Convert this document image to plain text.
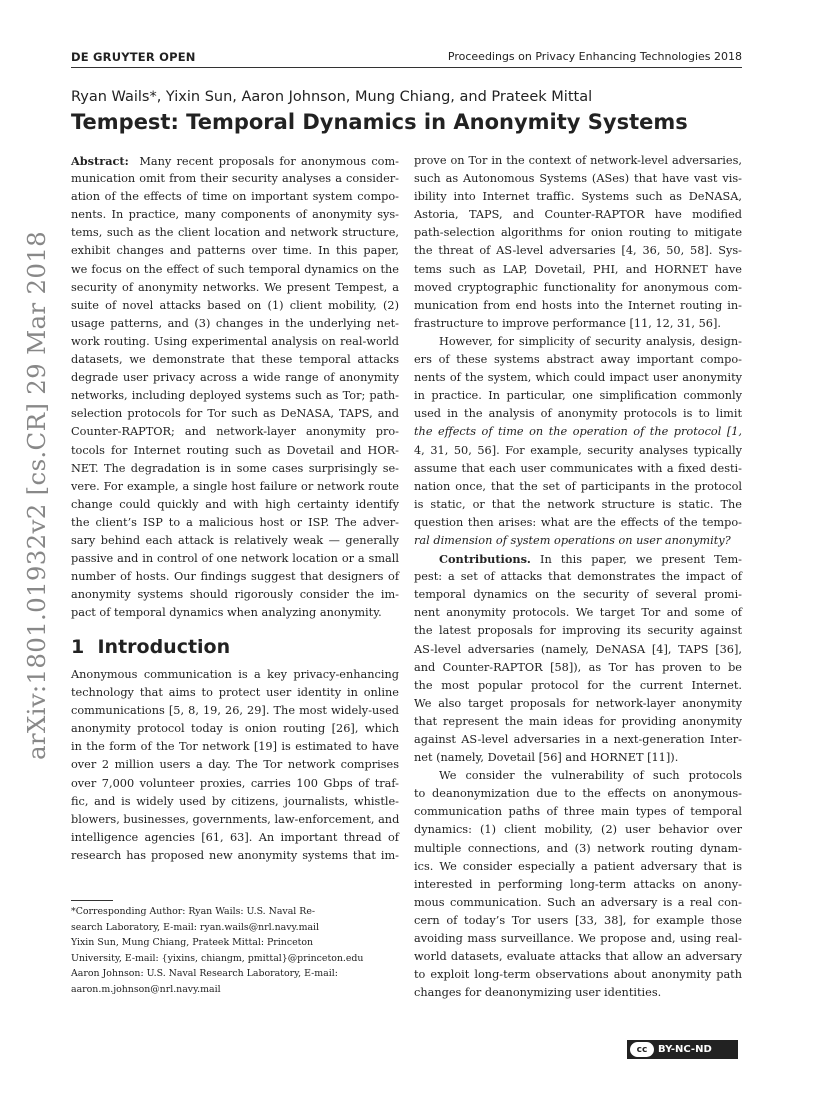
DE GRUYTER OPEN	Proceedings on Privacy Enhancing Technologies 2018
Ryan Wails*, Yixin Sun, Aaron Johnson, Mung Chiang, and Prateek Mittal
Tempest: Temporal Dynamics in Anonymity Systems
arXiv:1801.01932v2 [cs.CR] 29 Mar 2018
Abstract: Many recent proposals for anonymous com-
munication omit from their security analyses a consider-
ation of the effects of time on important system compo-
nents. In practice, many components of anonymity sys-
tems, such as the client location and network structure,
exhibit changes and patterns over time. In this paper,
we focus on the effect of such temporal dynamics on the
security of anonymity networks. We present Tempest, a
suite of novel attacks based on (1) client mobility, (2)
usage patterns, and (3) changes in the underlying net-
work routing. Using experimental analysis on real-world
datasets, we demonstrate that these temporal attacks
degrade user privacy across a wide range of anonymity
networks, including deployed systems such as Tor; path-
selection protocols for Tor such as DeNASA, TAPS, and
Counter-RAPTOR; and network-layer anonymity pro-
tocols for Internet routing such as Dovetail and HOR-
NET. The degradation is in some cases surprisingly se-
vere. For example, a single host failure or network route
change could quickly and with high certainty identify
the client’s ISP to a malicious host or ISP. The adver-
sary behind each attack is relatively weak — generally
passive and in control of one network location or a small
number of hosts. Our findings suggest that designers of
anonymity systems should rigorously consider the im-
pact of temporal dynamics when analyzing anonymity.
1 Introduction
Anonymous communication is a key privacy-enhancing
technology that aims to protect user identity in online
communications [5, 8, 19, 26, 29]. The most widely-used
anonymity protocol today is onion routing [26], which
in the form of the Tor network [19] is estimated to have
over 2 million users a day. The Tor network comprises
over 7,000 volunteer proxies, carries 100 Gbps of traf-
fic, and is widely used by citizens, journalists, whistle-
blowers, businesses, governments, law-enforcement, and
intelligence agencies [61, 63]. An important thread of
research has proposed new anonymity systems that im-
*Corresponding Author: Ryan Wails: U.S. Naval Re-
search Laboratory, E-mail: ryan.wails@nrl.navy.mail
Yixin Sun, Mung Chiang, Prateek Mittal: Princeton
University, E-mail: {yixins, chiangm, pmittal}@princeton.edu
Aaron Johnson: U.S. Naval Research Laboratory, E-mail:
aaron.m.johnson@nrl.navy.mail
prove on Tor in the context of network-level adversaries,
such as Autonomous Systems (ASes) that have vast vis-
ibility into Internet traffic. Systems such as DeNASA,
Astoria, TAPS, and Counter-RAPTOR have modified
path-selection algorithms for onion routing to mitigate
the threat of AS-level adversaries [4, 36, 50, 58]. Sys-
tems such as LAP, Dovetail, PHI, and HORNET have
moved cryptographic functionality for anonymous com-
munication from end hosts into the Internet routing in-
frastructure to improve performance [11, 12, 31, 56].
However, for simplicity of security analysis, design-
ers of these systems abstract away important compo-
nents of the system, which could impact user anonymity
in practice. In particular, one simplification commonly
used in the analysis of anonymity protocols is to limit
the effects of time on the operation of the protocol [1,
4, 31, 50, 56]. For example, security analyses typically
assume that each user communicates with a fixed desti-
nation once, that the set of participants in the protocol
is static, or that the network structure is static. The
question then arises: what are the effects of the tempo-
ral dimension of system operations on user anonymity?
Contributions. In this paper, we present Tem-
pest: a set of attacks that demonstrates the impact of
temporal dynamics on the security of several promi-
nent anonymity protocols. We target Tor and some of
the latest proposals for improving its security against
AS-level adversaries (namely, DeNASA [4], TAPS [36],
and Counter-RAPTOR [58]), as Tor has proven to be
the most popular protocol for the current Internet.
We also target proposals for network-layer anonymity
that represent the main ideas for providing anonymity
against AS-level adversaries in a next-generation Inter-
net (namely, Dovetail [56] and HORNET [11]).
We consider the vulnerability of such protocols
to deanonymization due to the effects on anonymous-
communication paths of three main types of temporal
dynamics: (1) client mobility, (2) user behavior over
multiple connections, and (3) network routing dynam-
ics. We consider especially a patient adversary that is
interested in performing long-term attacks on anony-
mous communication. Such an adversary is a real con-
cern of today’s Tor users [33, 38], for example those
avoiding mass surveillance. We propose and, using real-
world datasets, evaluate attacks that allow an adversary
to exploit long-term observations about anonymity path
changes for deanonymizing user identities.
cc	BY-NC-ND
